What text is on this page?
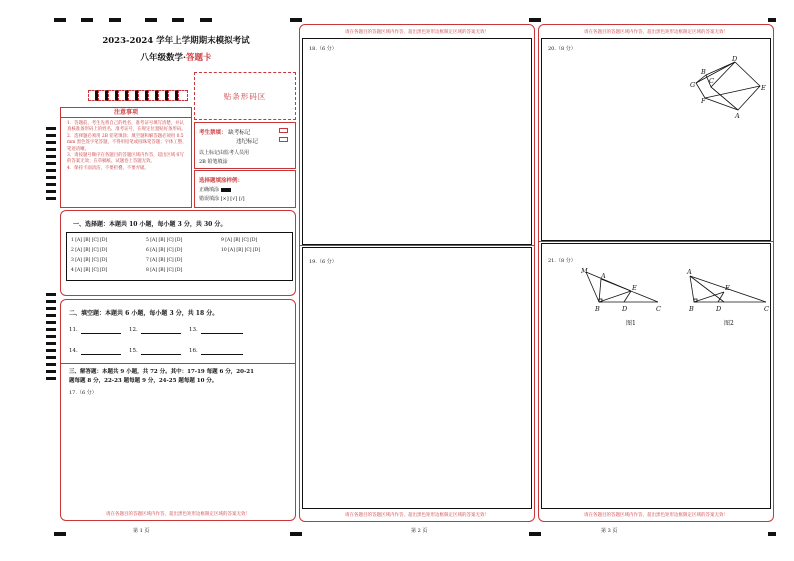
2023-2024 学年上学期期末模拟考试
八年级数学·答题卡
贴条形码区
注意事项
1．答题前，考生先将自己的姓名，准考证号填写清楚，并认真核准条形码上的姓名、准考证号，在规定位置贴好条形码。
2．选择题必须用 2B 铅笔填涂；填空题和解答题必须用 0.5 mm 黑色签字笔答题，不得用铅笔或圆珠笔答题；字体工整、笔迹清晰。
3．请按题号顺序在各题目的答题区域内作答，超出区域书写的答案无效；在草稿纸、试题卷上答题无效。
4．保持卡面清洁，不要折叠、不要弄破。
考生禁填： 缺考标记
违纪标记
以上标记由监考人员用
2B 铅笔填涂
选择题填涂样例：
正确填涂
错误填涂 [×] [√] [/]
一、选择题：本题共 10 小题，每小题 3 分，共 30 分。
1 [A] [B] [C] [D]	5 [A] [B] [C] [D]	9 [A] [B] [C] [D]
2 [A] [B] [C] [D]	6 [A] [B] [C] [D]	10 [A] [B] [C] [D]
3 [A] [B] [C] [D]	7 [A] [B] [C] [D]
4 [A] [B] [C] [D]	8 [A] [B] [C] [D]
二、填空题：本题共 6 小题，每小题 3 分，共 18 分。
11.	12.	13.
14.	15.	16.
三、解答题：本题共 9 小题，共 72 分。其中：17-19 每题 6 分，20-21
题每题 8 分，22-23 题每题 9 分，24-25 题每题 10 分。
17.（6 分）
请在各题目的答题区域内作答，超出黑色矩形边框限定区域的答案无效！
请在各题目的答题区域内作答，超出黑色矩形边框限定区域的答案无效！
18.（6 分）
19.（6 分）
请在各题目的答题区域内作答，超出黑色矩形边框限定区域的答案无效！
请在各题目的答题区域内作答，超出黑色矩形边框限定区域的答案无效！
20.（8 分）
D
B
C
G
F
E
A
21.（8 分）
M
A
E
B	D	C
图1
A
E
B	D	C
图2
请在各题目的答题区域内作答，超出黑色矩形边框限定区域的答案无效！
第 1 页	第 2 页	第 3 页
